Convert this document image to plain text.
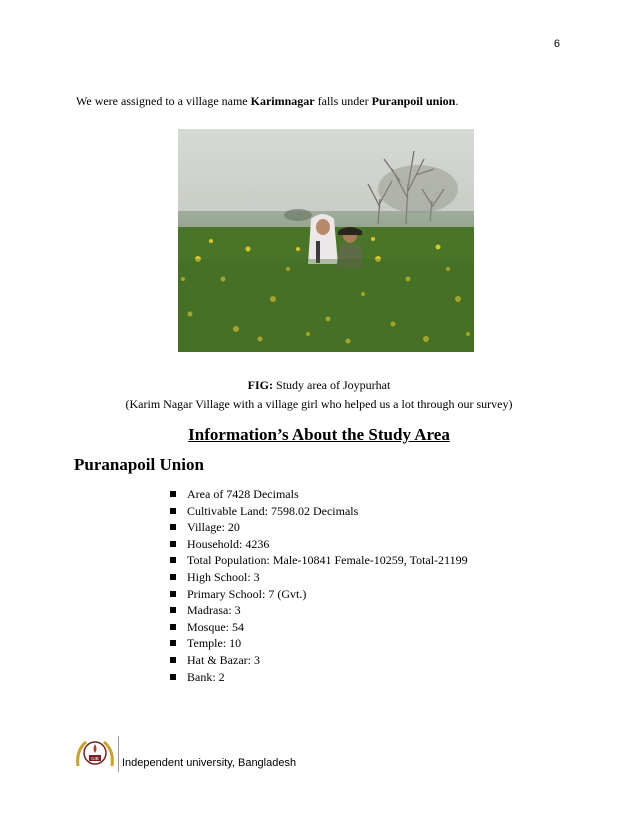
6

We were assigned to a village name Karimnagar falls under Puranpoil union.

FIG: Study area of Joypurhat
(Karim Nagar Village with a village girl who helped us a lot through our survey)
Information’s About the Study Area
Puranapoil Union
Area of 7428 Decimals
Cultivable Land: 7598.02 Decimals
Village: 20
Household: 4236
Total Population: Male-10841 Female-10259, Total-21199
High School: 3
Primary School: 7 (Gvt.)
Madrasa: 3
Mosque: 54
Temple: 10
Hat & Bazar: 3
Bank: 2
IUB Independent university, Bangladesh
